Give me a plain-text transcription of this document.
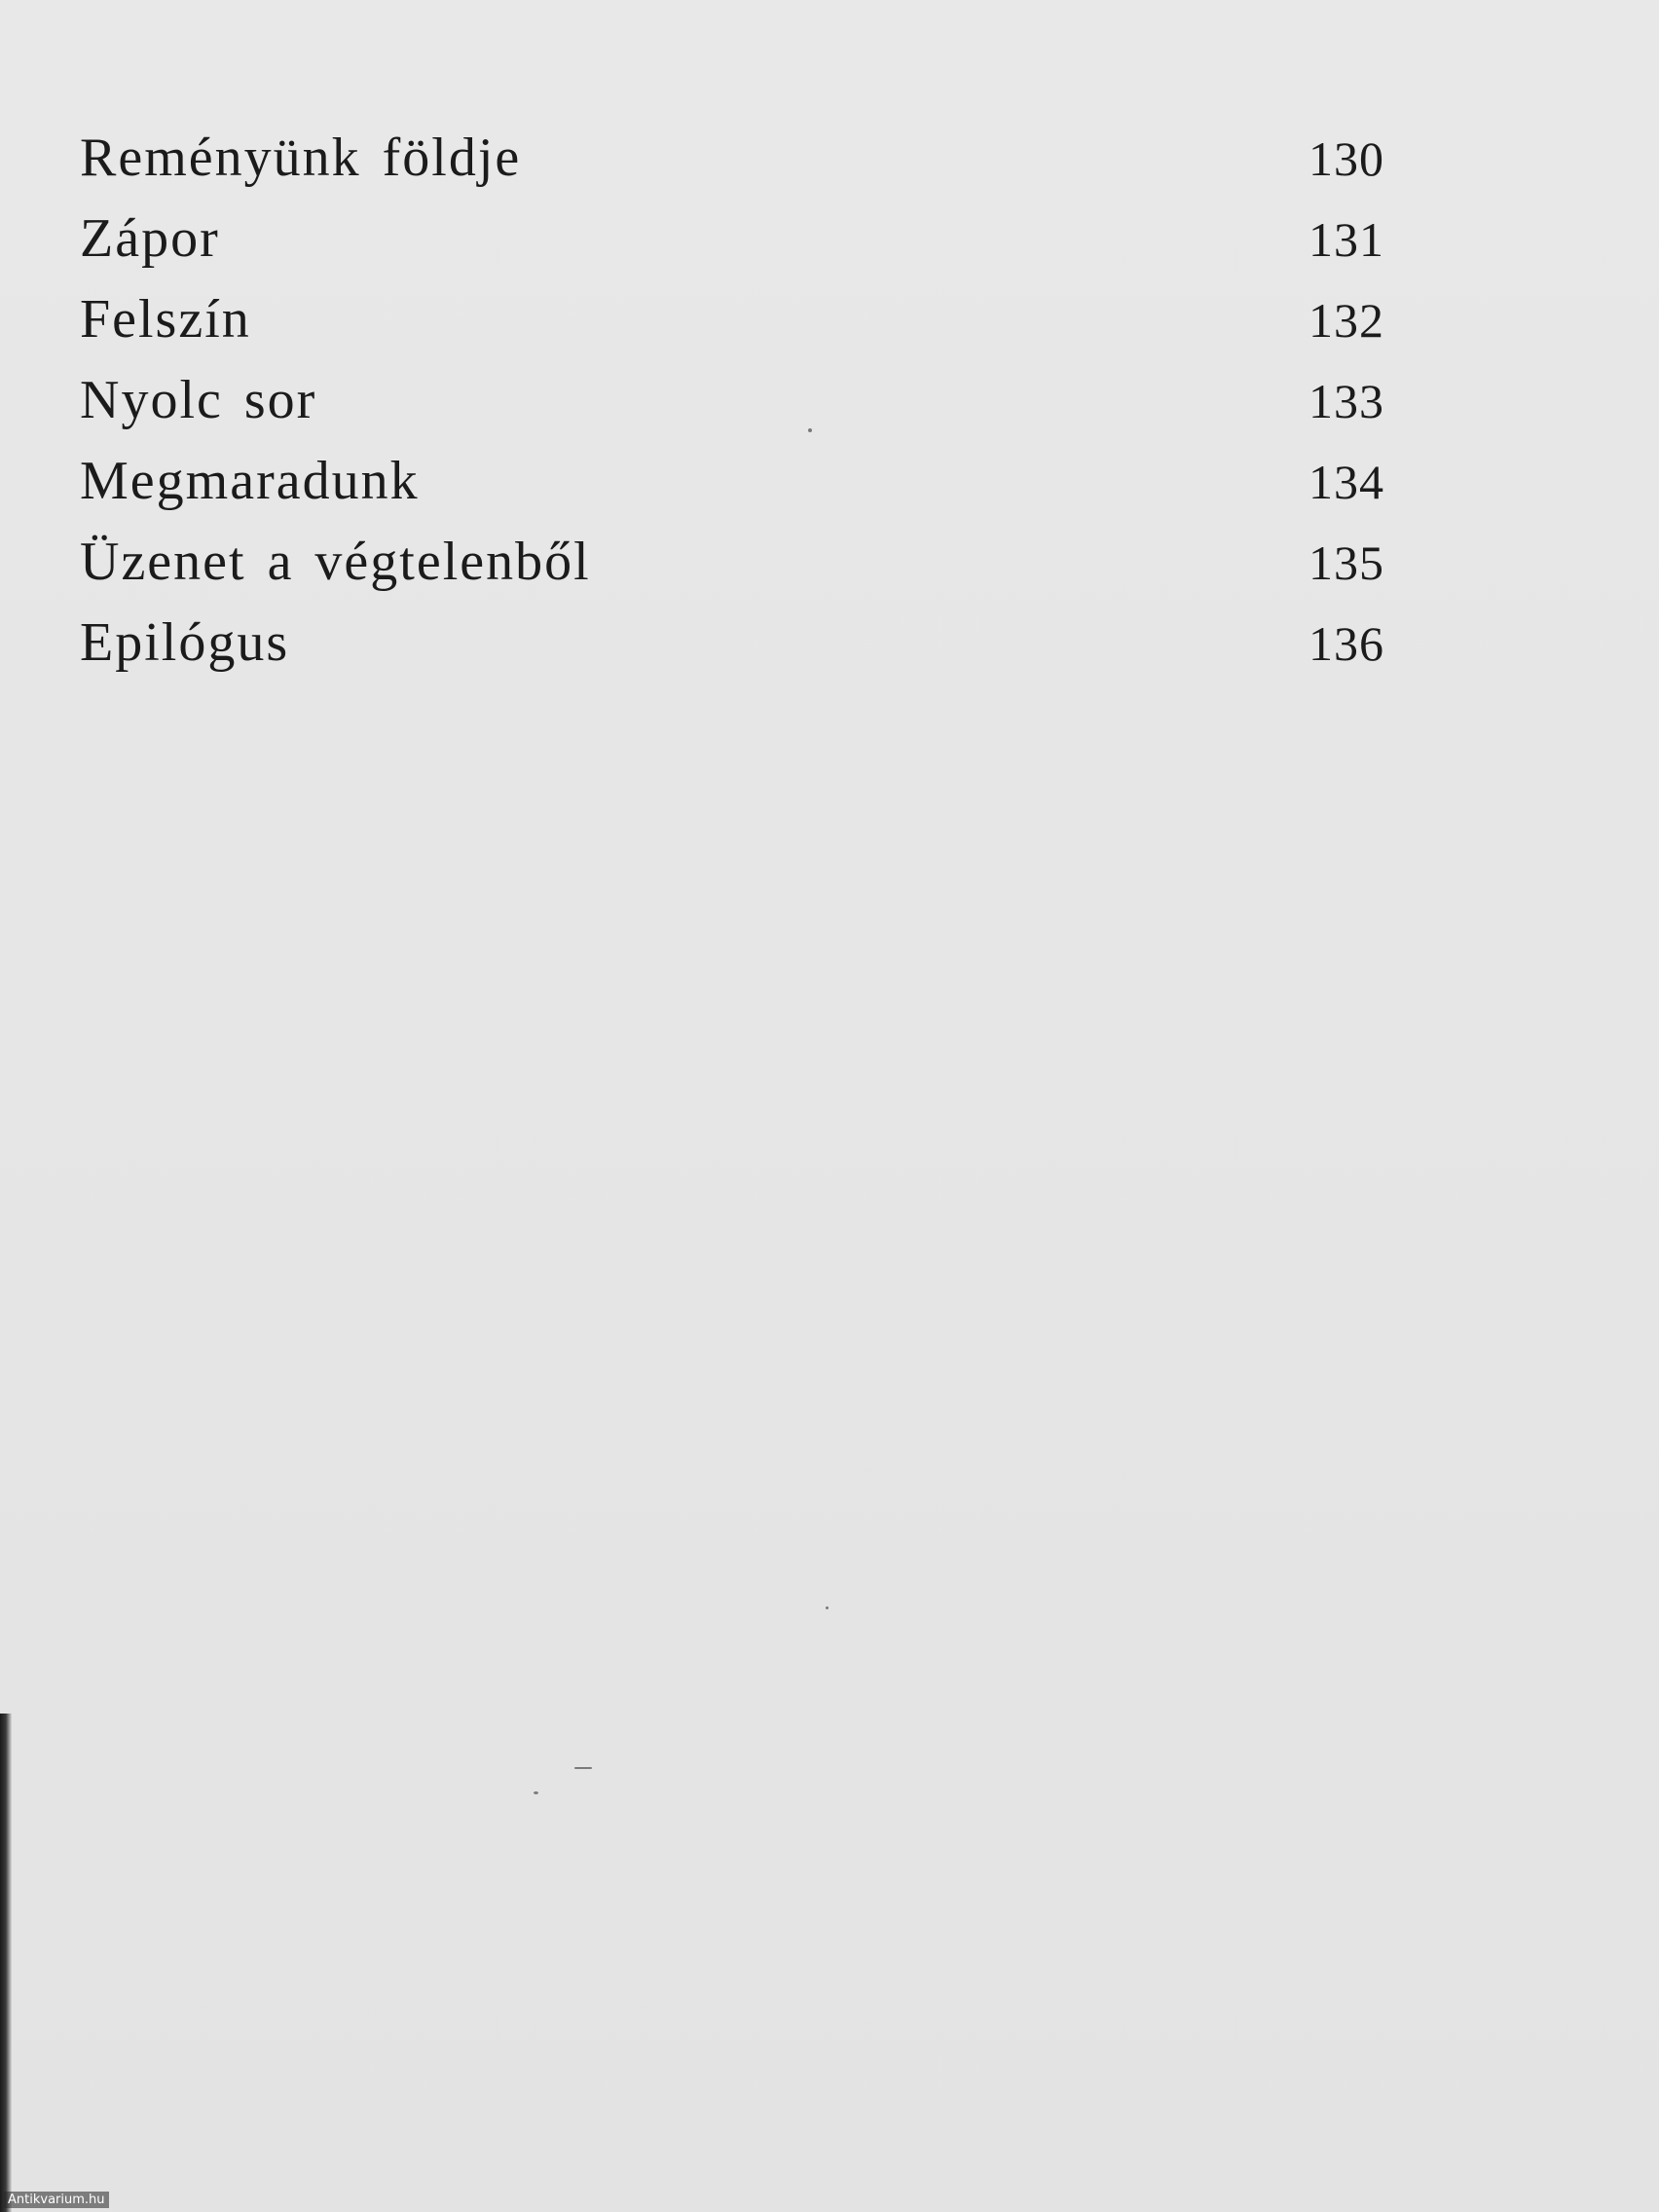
Reményünk földje	130
Zápor	131
Felszín	132
Nyolc sor	133
Megmaradunk	134
Üzenet a végtelenből	135
Epilógus	136
Antikvarium.hu
